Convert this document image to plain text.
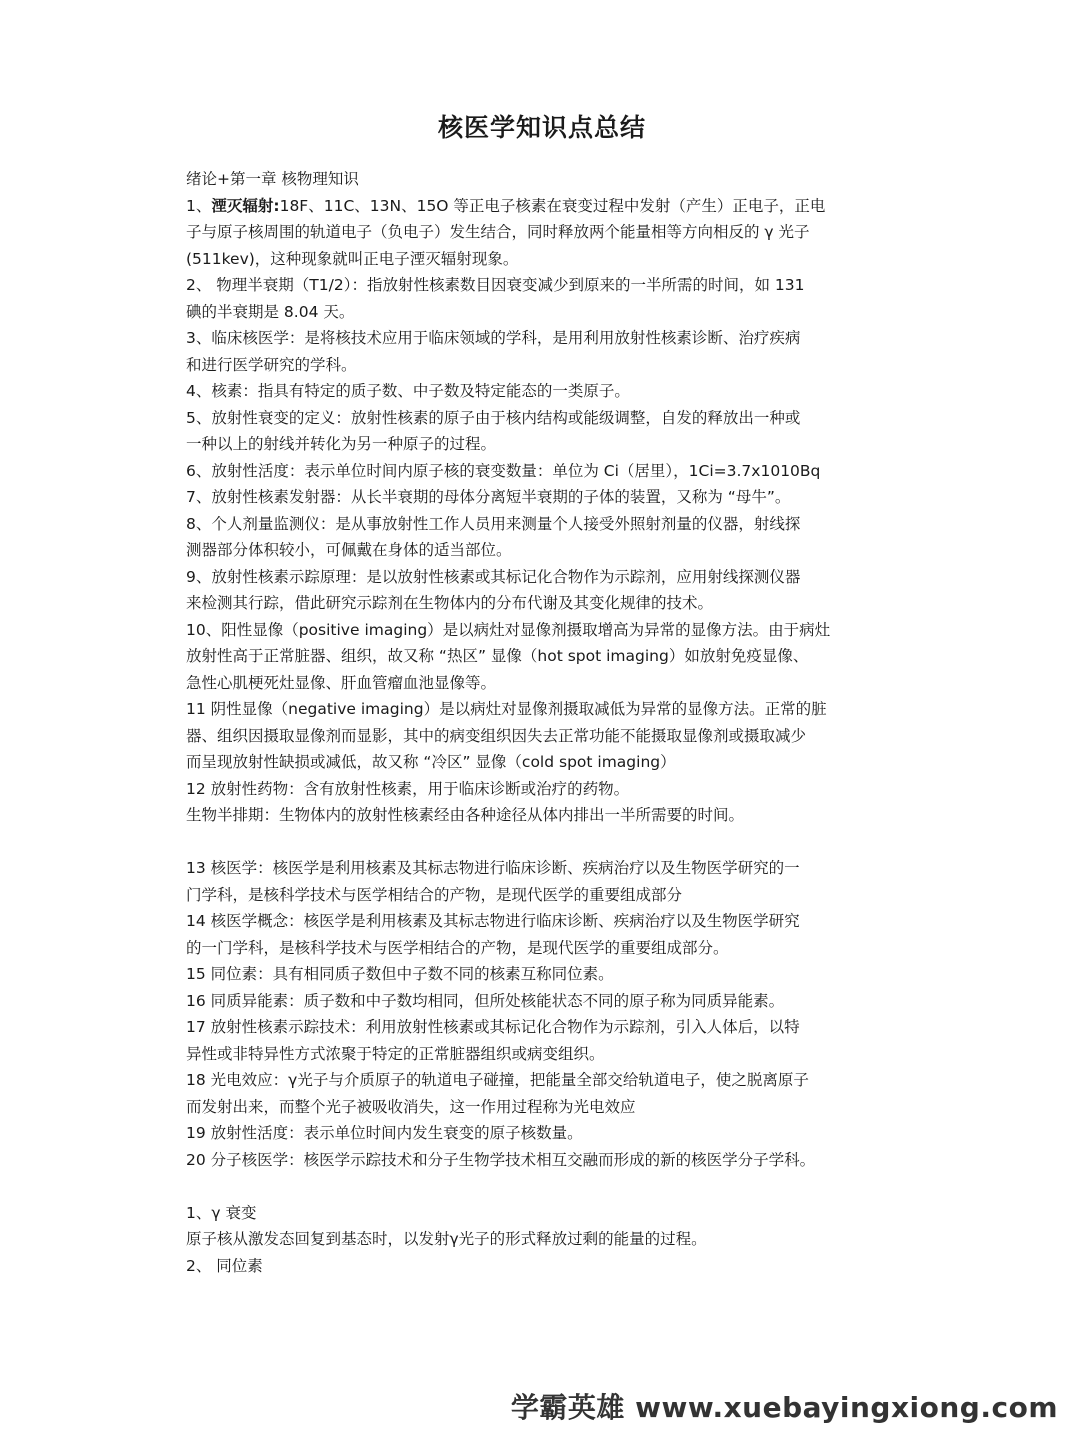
核医学知识点总结
绪论+第一章 核物理知识
1、湮灭辐射:18F、11C、13N、15O 等正电子核素在衰变过程中发射（产生）正电子，正电
子与原子核周围的轨道电子（负电子）发生结合，同时释放两个能量相等方向相反的 γ 光子
(511kev)，这种现象就叫正电子湮灭辐射现象。
2、 物理半衰期（T1/2）：指放射性核素数目因衰变减少到原来的一半所需的时间，如 131
碘的半衰期是 8.04 天。
3、临床核医学：是将核技术应用于临床领域的学科，是用利用放射性核素诊断、治疗疾病
和进行医学研究的学科。
4、核素：指具有特定的质子数、中子数及特定能态的一类原子。
5、放射性衰变的定义：放射性核素的原子由于核内结构或能级调整，自发的释放出一种或
一种以上的射线并转化为另一种原子的过程。
6、放射性活度：表示单位时间内原子核的衰变数量：单位为 Ci（居里），1Ci=3.7x1010Bq
7、放射性核素发射器：从长半衰期的母体分离短半衰期的子体的装置，又称为 “母牛”。
8、个人剂量监测仪：是从事放射性工作人员用来测量个人接受外照射剂量的仪器，射线探
测器部分体积较小，可佩戴在身体的适当部位。
9、放射性核素示踪原理：是以放射性核素或其标记化合物作为示踪剂，应用射线探测仪器
来检测其行踪，借此研究示踪剂在生物体内的分布代谢及其变化规律的技术。
10、阳性显像（positive imaging）是以病灶对显像剂摄取增高为异常的显像方法。由于病灶
放射性高于正常脏器、组织，故又称 “热区” 显像（hot spot imaging）如放射免疫显像、
急性心肌梗死灶显像、肝血管瘤血池显像等。
11 阴性显像（negative imaging）是以病灶对显像剂摄取减低为异常的显像方法。正常的脏
器、组织因摄取显像剂而显影，其中的病变组织因失去正常功能不能摄取显像剂或摄取减少
而呈现放射性缺损或减低，故又称 “冷区” 显像（cold spot imaging）
12 放射性药物：含有放射性核素，用于临床诊断或治疗的药物。
生物半排期：生物体内的放射性核素经由各种途径从体内排出一半所需要的时间。
13 核医学：核医学是利用核素及其标志物进行临床诊断、疾病治疗以及生物医学研究的一
门学科，是核科学技术与医学相结合的产物，是现代医学的重要组成部分
14 核医学概念：核医学是利用核素及其标志物进行临床诊断、疾病治疗以及生物医学研究
的一门学科，是核科学技术与医学相结合的产物，是现代医学的重要组成部分。
15 同位素：具有相同质子数但中子数不同的核素互称同位素。
16 同质异能素：质子数和中子数均相同，但所处核能状态不同的原子称为同质异能素。
17 放射性核素示踪技术：利用放射性核素或其标记化合物作为示踪剂，引入人体后，以特
异性或非特异性方式浓聚于特定的正常脏器组织或病变组织。
18 光电效应：γ光子与介质原子的轨道电子碰撞，把能量全部交给轨道电子，使之脱离原子
而发射出来，而整个光子被吸收消失，这一作用过程称为光电效应
19 放射性活度：表示单位时间内发生衰变的原子核数量。
20 分子核医学：核医学示踪技术和分子生物学技术相互交融而形成的新的核医学分子学科。
1、γ 衰变
原子核从激发态回复到基态时，以发射γ光子的形式释放过剩的能量的过程。
2、 同位素
学霸英雄 www.xuebayingxiong.com
